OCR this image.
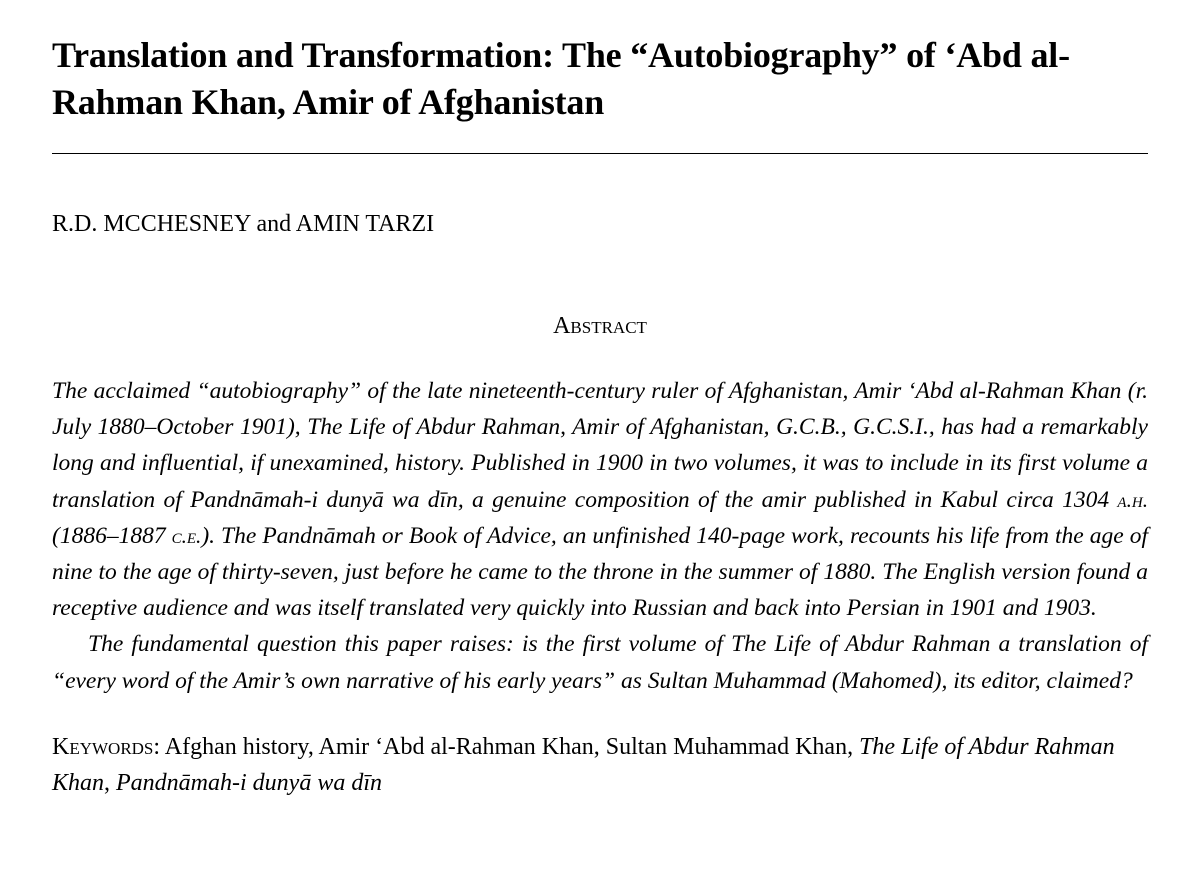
Translation and Transformation: The “Autobiography” of ‘Abd al-Rahman Khan, Amir of Afghanistan
R.D. MCCHESNEY and AMIN TARZI
Abstract

The acclaimed “autobiography” of the late nineteenth-century ruler of Afghanistan, Amir ‘Abd al-Rahman Khan (r. July 1880–October 1901), The Life of Abdur Rahman, Amir of Afghanistan, G.C.B., G.C.S.I., has had a remarkably long and influential, if unexamined, history. Published in 1900 in two volumes, it was to include in its first volume a translation of Pandnāmah-i dunyā wa dīn, a genuine composition of the amir published in Kabul circa 1304 a.h. (1886–1887 c.e.). The Pandnāmah or Book of Advice, an unfinished 140-page work, recounts his life from the age of nine to the age of thirty-seven, just before he came to the throne in the summer of 1880. The English version found a receptive audience and was itself translated very quickly into Russian and back into Persian in 1901 and 1903.

The fundamental question this paper raises: is the first volume of The Life of Abdur Rahman a translation of “every word of the Amir’s own narrative of his early years” as Sultan Muhammad (Mahomed), its editor, claimed?

Keywords: Afghan history, Amir ‘Abd al-Rahman Khan, Sultan Muhammad Khan, The Life of Abdur Rahman Khan, Pandnāmah-i dunyā wa dīn
